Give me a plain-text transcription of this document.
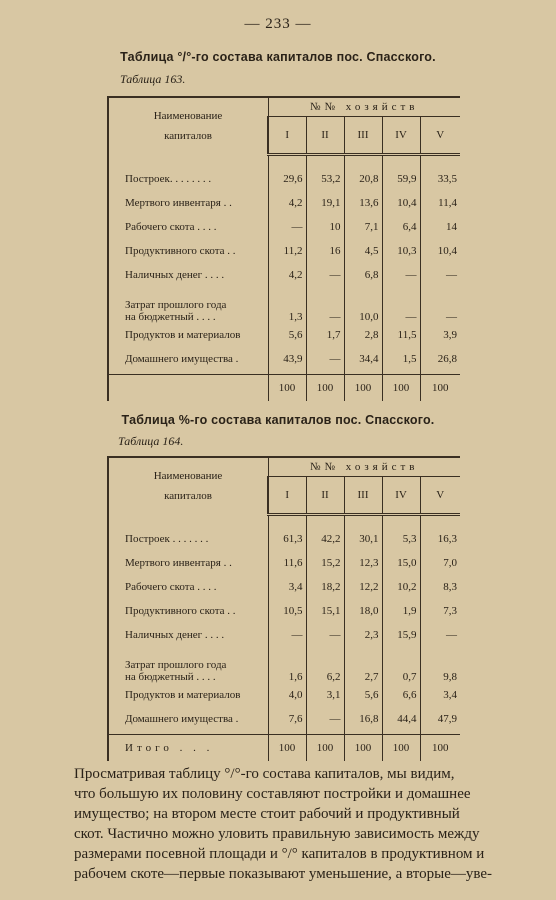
— 233 —
Таблица °/°-го состава капиталов пос. Спасского.
Таблица 163.
Наименование
капиталов	№№ хозяйств				
	I	II	III	IV	V

Построек. . . . . . . .	29,6	53,2	20,8	59,9	33,5
Мертвого инвентаря . .	4,2	19,1	13,6	10,4	11,4
Рабочего скота . . . .	—	10	7,1	6,4	14
Продуктивного скота . .	11,2	16	4,5	10,3	10,4
Наличных денег . . . .	4,2	—	6,8	—	—
Затрат прошлого года
на бюджетный . . . .	1,3	—	10,0	—	—
Продуктов и материалов	5,6	1,7	2,8	11,5	3,9
Домашнего имущества .	43,9	—	34,4	1,5	26,8

	100	100	100	100	100
Таблица %-го состава капиталов пос. Спасского.
Таблица 164.
Наименование
капиталов	№№ хозяйств				
	I	II	III	IV	V

Построек . . . . . . .	61,3	42,2	30,1	5,3	16,3
Мертвого инвентаря . .	11,6	15,2	12,3	15,0	7,0
Рабочего скота . . . .	3,4	18,2	12,2	10,2	8,3
Продуктивного скота . .	10,5	15,1	18,0	1,9	7,3
Наличных денег . . . .	—	—	2,3	15,9	—
Затрат прошлого года
на бюджетный . . . .	1,6	6,2	2,7	0,7	9,8
Продуктов и материалов	4,0	3,1	5,6	6,6	3,4
Домашнего имущества .	7,6	—	16,8	44,4	47,9

Итого . . .	100	100	100	100	100
Просматривая таблицу °/°-го состава капиталов, мы видим,
что большую их половину составляют постройки и домашнее
имущество; на втором месте стоит рабочий и продуктивный
скот. Частично можно уловить правильную зависимость между
размерами посевной площади и °/° капиталов в продуктивном и
рабочем скоте—первые показывают уменьшение, а вторые—уве-
